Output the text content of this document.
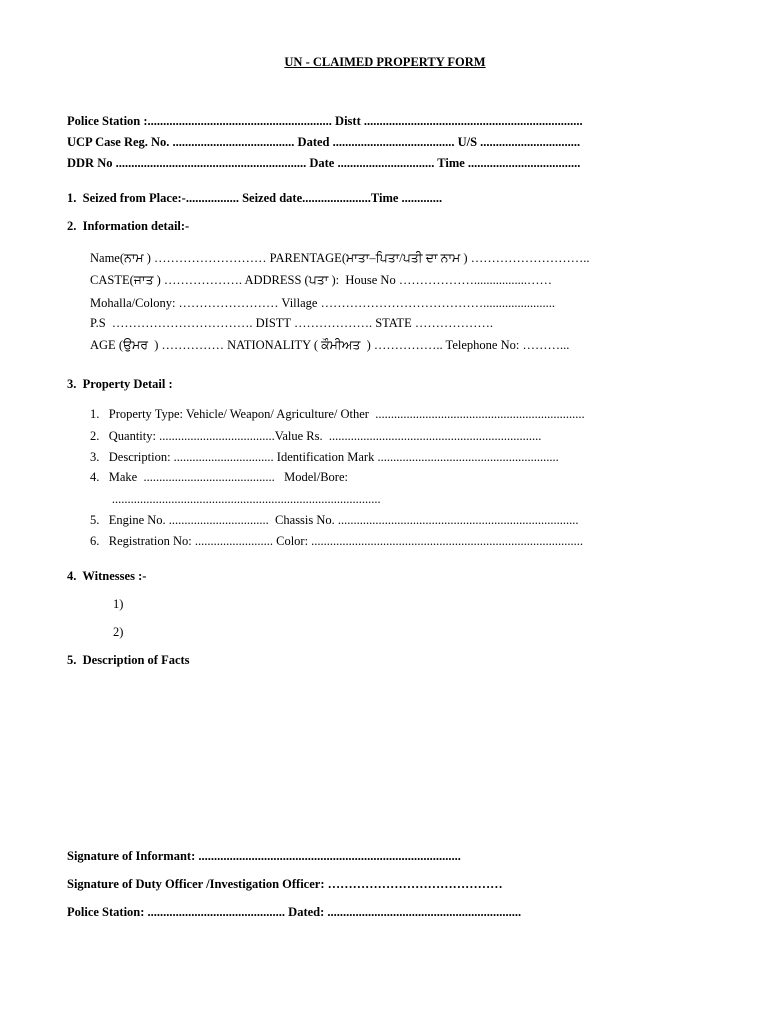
UN - CLAIMED PROPERTY FORM
Police Station :........................................................... Distt ......................................................................
UCP Case Reg. No. ....................................... Dated ....................................... U/S ................................
DDR No ............................................................. Date ............................... Time ....................................
1.  Seized from Place:-................. Seized date......................Time .............
2.  Information detail:-
Name(ਨਾਮ ) ……………………… PARENTAGE(ਮਾਤਾ–ਪਿਤਾ/ਪਤੀ ਦਾ ਨਾਮ ) ………………………..
CASTE(ਜਾਤ ) ………………. ADDRESS (ਪਤਾ ):  House No ……………….................……
Mohalla/Colony: …………………… Village ………………………………….......................
P.S  ……………………………. DISTT ………………. STATE ……………….
AGE (ਉਮਰ  ) …………… NATIONALITY ( ਕੌਮੀਅਤ  ) …………….. Telephone No: ………...
3.  Property Detail :
1.   Property Type: Vehicle/ Weapon/ Agriculture/ Other  ...................................................................
2.   Quantity: .....................................Value Rs.  ....................................................................
3.   Description: ................................ Identification Mark ..........................................................
4.   Make  ..........................................   Model/Bore:
......................................................................................
5.   Engine No. ................................  Chassis No. .............................................................................
6.   Registration No: ......................... Color: .......................................................................................
4.  Witnesses :-
1)
2)
5.  Description of Facts
Signature of Informant: ....................................................................................
Signature of Duty Officer /Investigation Officer: ……………………………………
Police Station: ............................................ Dated: ..............................................................
